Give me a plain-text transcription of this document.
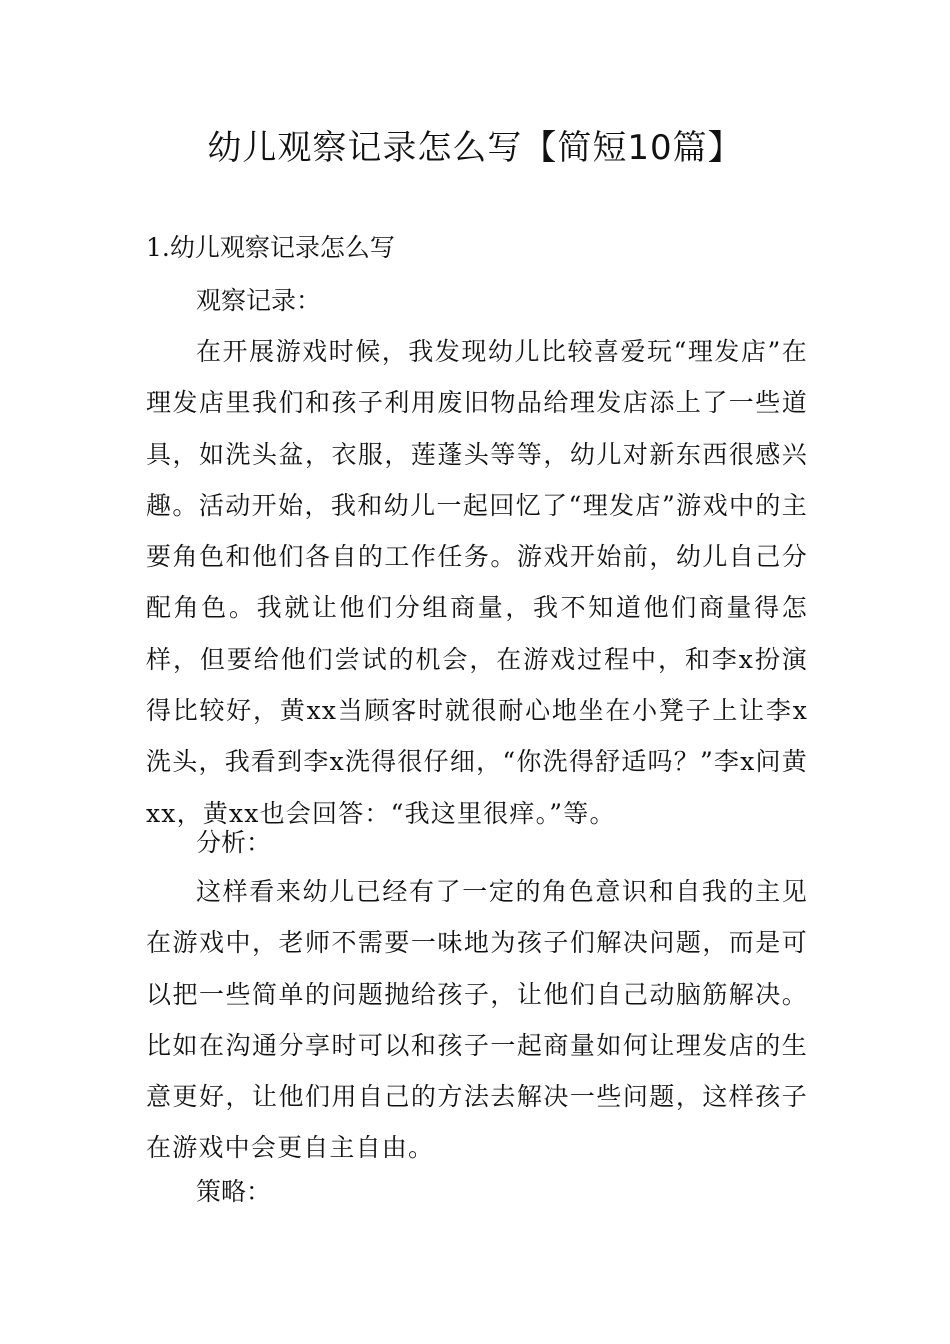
幼儿观察记录怎么写【简短10篇】
1.幼儿观察记录怎么写

观察记录：

在开展游戏时候，我发现幼儿比较喜爱玩“理发店”在理发店里我们和孩子利用废旧物品给理发店添上了一些道具，如洗头盆，衣服，莲蓬头等等，幼儿对新东西很感兴趣。活动开始，我和幼儿一起回忆了“理发店”游戏中的主要角色和他们各自的工作任务。游戏开始前，幼儿自己分配角色。我就让他们分组商量，我不知道他们商量得怎样，但要给他们尝试的机会，在游戏过程中，和李x扮演得比较好，黄xx当顾客时就很耐心地坐在小凳子上让李x洗头，我看到李x洗得很仔细，“你洗得舒适吗？”李x问黄xx，黄xx也会回答：“我这里很痒。”等。

分析：

这样看来幼儿已经有了一定的角色意识和自我的主见在游戏中，老师不需要一味地为孩子们解决问题，而是可以把一些简单的问题抛给孩子，让他们自己动脑筋解决。比如在沟通分享时可以和孩子一起商量如何让理发店的生意更好，让他们用自己的方法去解决一些问题，这样孩子在游戏中会更自主自由。

策略：
